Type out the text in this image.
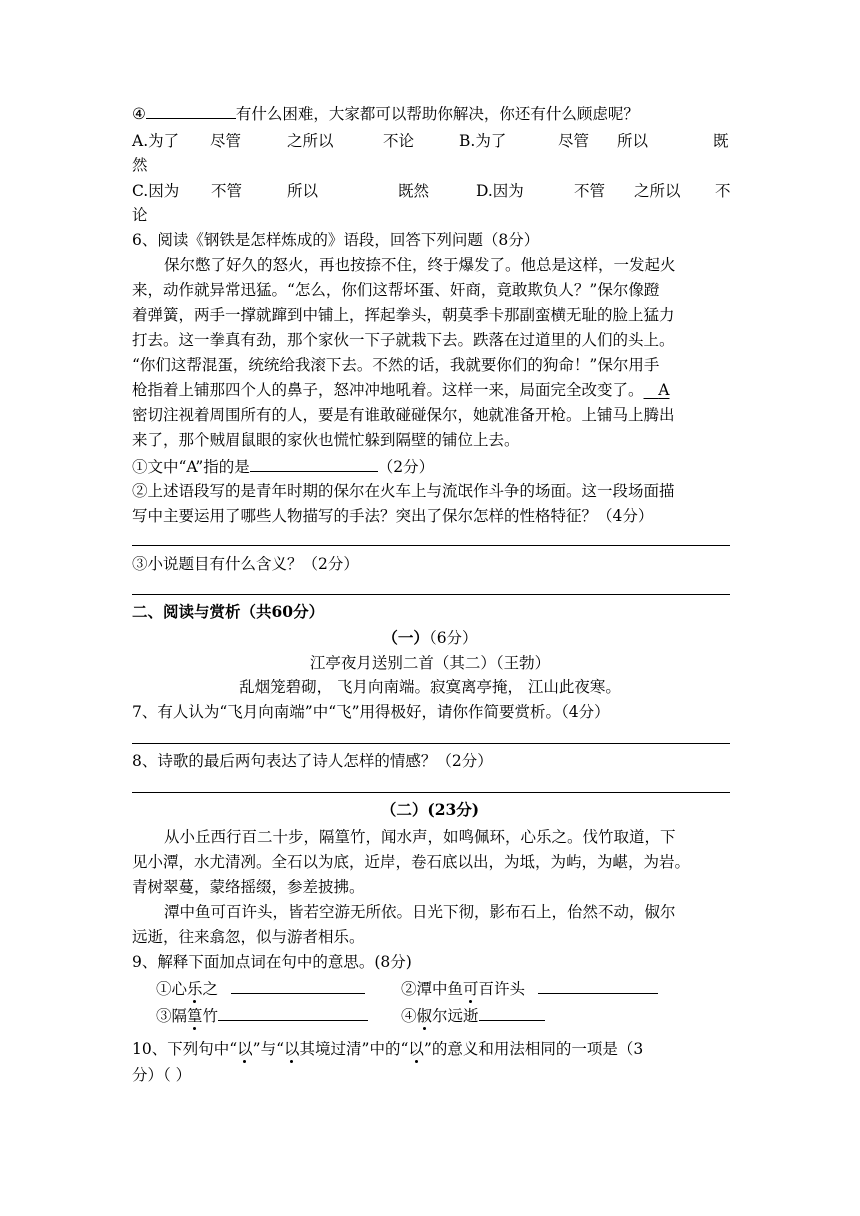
④	有什么困难，大家都可以帮助你解决，你还有什么顾虑呢？
A.为了 尽管	之所以	不论	B.为了	尽管 所以	既
然
C.因为 不管	所以	既然	D.因为	不管 之所以 不
论
6、阅读《钢铁是怎样炼成的》语段，回答下列问题（8分）
保尔憋了好久的怒火，再也按捺不住，终于爆发了。他总是这样，一发起火
来，动作就异常迅猛。“怎么，你们这帮坏蛋、奸商，竟敢欺负人？”保尔像蹬
着弹簧，两手一撑就蹿到中铺上，挥起拳头，朝莫季卡那副蛮横无耻的脸上猛力
打去。这一拳真有劲，那个家伙一下子就栽下去。跌落在过道里的人们的头上。
“你们这帮混蛋，统统给我滚下去。不然的话，我就要你们的狗命！”保尔用手
枪指着上铺那四个人的鼻子，怒冲冲地吼着。这样一来，局面完全改变了。 A
密切注视着周围所有的人，要是有谁敢碰碰保尔，她就准备开枪。上铺马上腾出
来了，那个贼眉鼠眼的家伙也慌忙躲到隔壁的铺位上去。
①文中“A”指的是	（2分）
②上述语段写的是青年时期的保尔在火车上与流氓作斗争的场面。这一段场面描
写中主要运用了哪些人物描写的手法？突出了保尔怎样的性格特征？（4分）
③小说题目有什么含义？（2分）
二、阅读与赏析（共60分）
（一）（6分）
江亭夜月送别二首（其二）（王勃）
乱烟笼碧砌， 飞月向南端。寂寞离亭掩， 江山此夜寒。
7、有人认为“飞月向南端”中“飞”用得极好，请你作简要赏析。（4分）
8、诗歌的最后两句表达了诗人怎样的情感？（2分）
（二）(23分)
从小丘西行百二十步，隔篁竹，闻水声，如鸣佩环，心乐之。伐竹取道，下
见小潭，水尤清冽。全石以为底，近岸，卷石底以出，为坻，为屿，为嵁，为岩。
青树翠蔓，蒙络摇缀，参差披拂。
潭中鱼可百许头，皆若空游无所依。日光下彻，影布石上，佁然不动，俶尔
远逝，往来翕忽，似与游者相乐。
9、解释下面加点词在句中的意思。(8分)
①心乐之	②潭中鱼可百许头
③隔篁竹	④俶尔远逝
10、下列句中“以”与“以其境过清”中的“以”的意义和用法相同的一项是（3
分）（ ）
